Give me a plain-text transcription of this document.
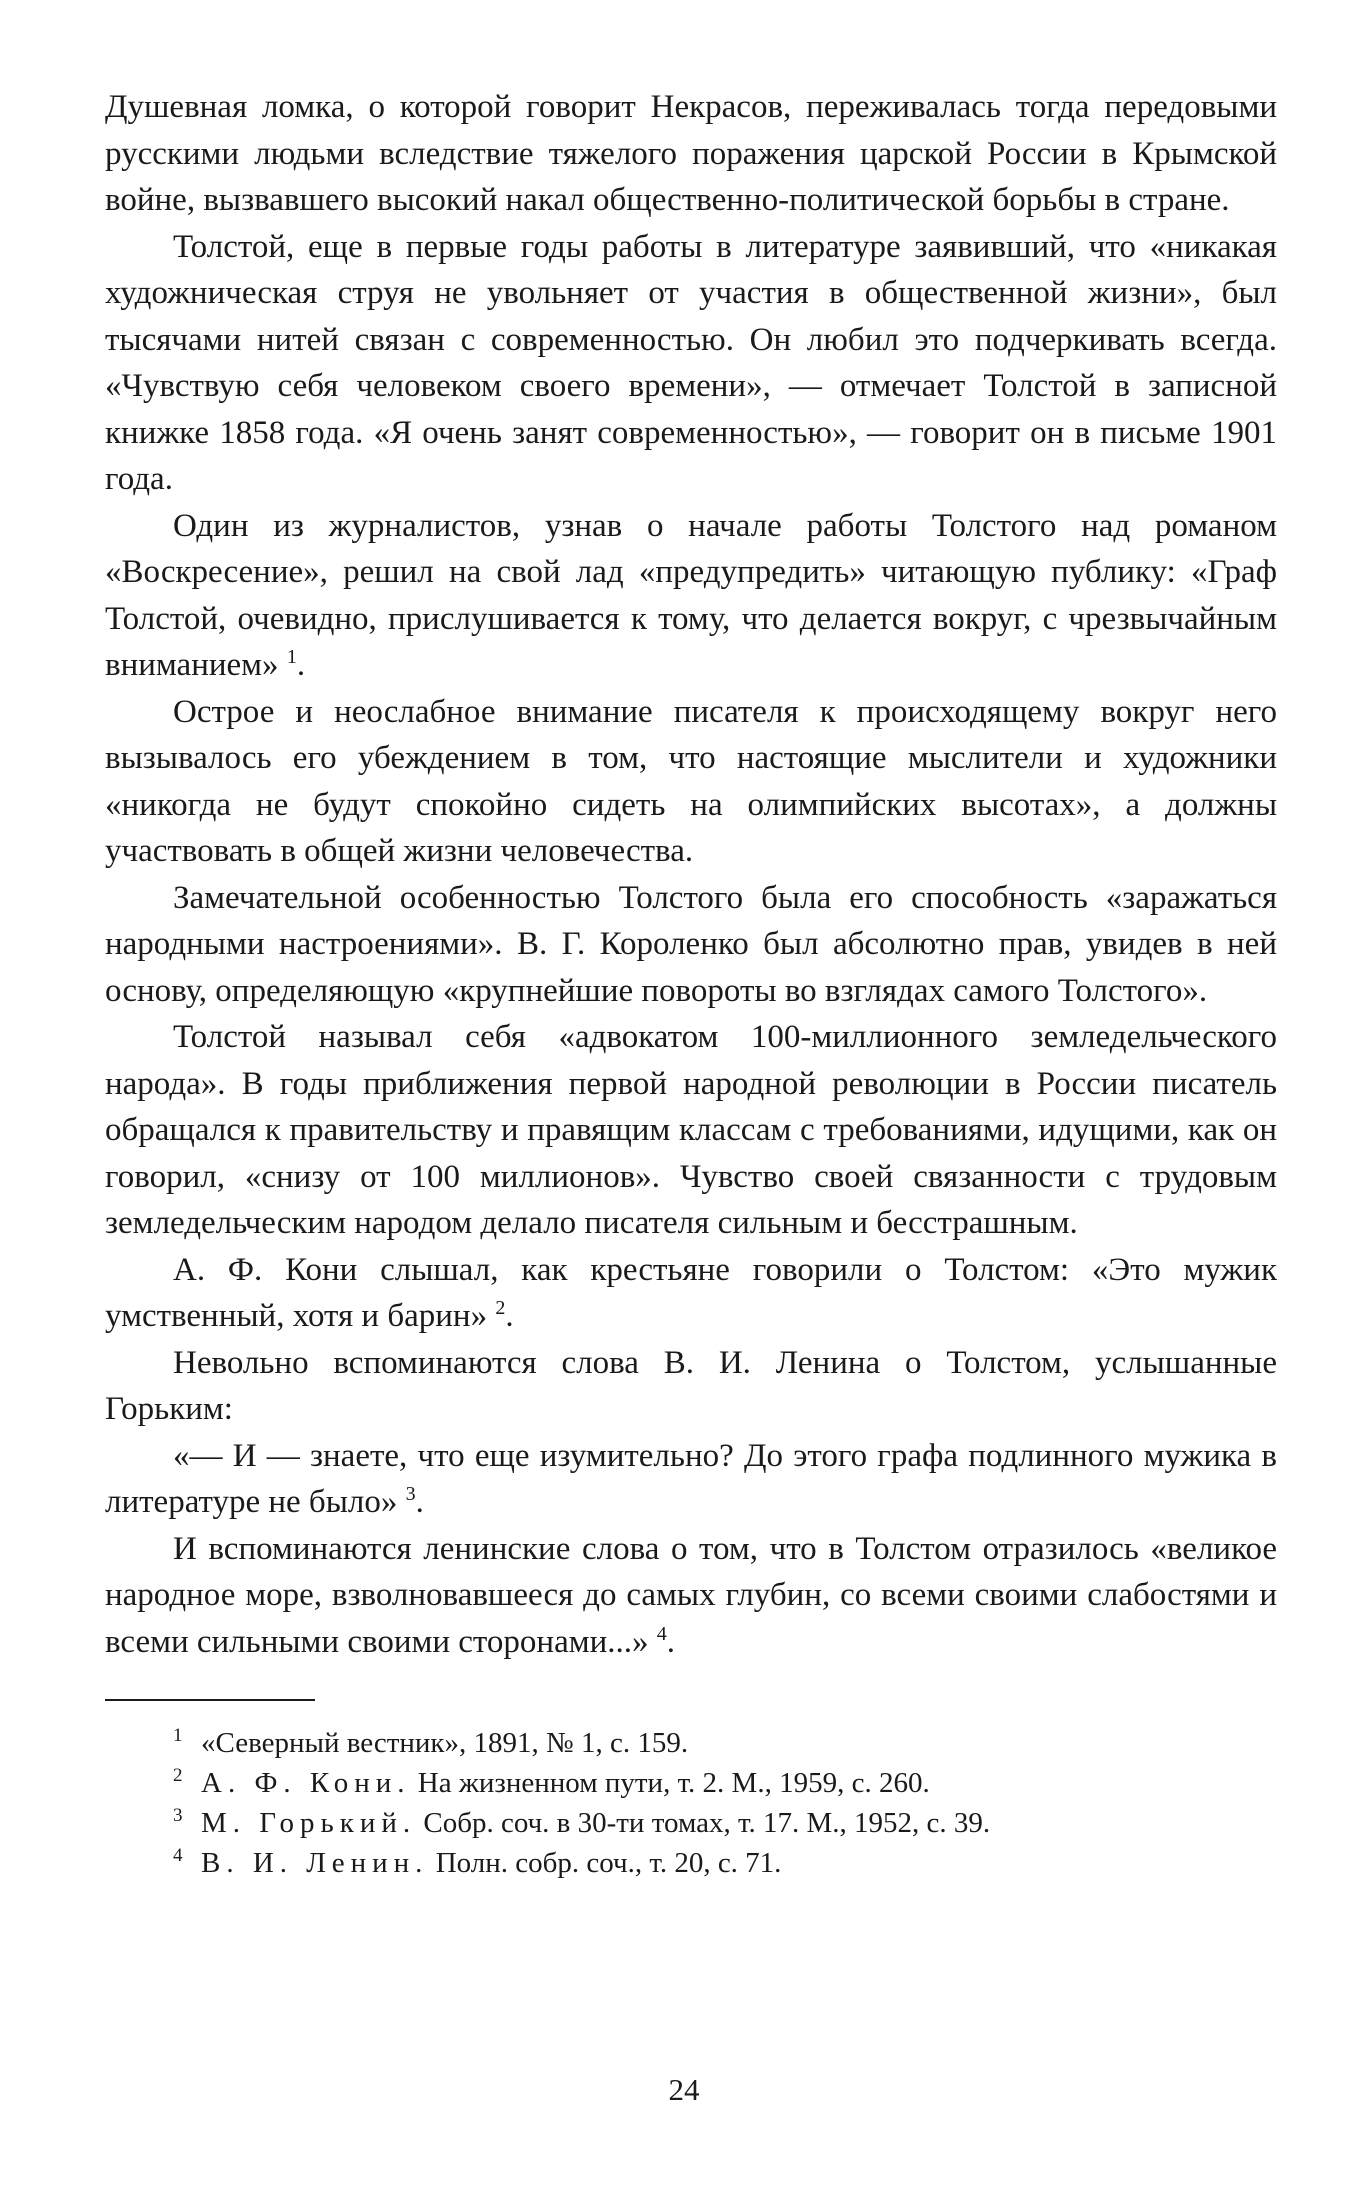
Душевная ломка, о которой говорит Некрасов, переживалась тогда передовыми русскими людьми вследствие тяжелого поражения царской России в Крымской войне, вызвавшего высокий накал общественно-политической борьбы в стране.

Толстой, еще в первые годы работы в литературе заявивший, что «никакая художническая струя не увольняет от участия в общественной жизни», был тысячами нитей связан с современностью. Он любил это подчеркивать всегда. «Чувствую себя человеком своего времени», — отмечает Толстой в записной книжке 1858 года. «Я очень занят современностью», — говорит он в письме 1901 года.

Один из журналистов, узнав о начале работы Толстого над романом «Воскресение», решил на свой лад «предупредить» читающую публику: «Граф Толстой, очевидно, прислушивается к тому, что делается вокруг, с чрезвычайным вниманием» $^1$.

Острое и неослабное внимание писателя к происходящему вокруг него вызывалось его убеждением в том, что настоящие мыслители и художники «никогда не будут спокойно сидеть на олимпийских высотах», а должны участвовать в общей жизни человечества.

Замечательной особенностью Толстого была его способность «заражаться народными настроениями». В. Г. Короленко был абсолютно прав, увидев в ней основу, определяющую «крупнейшие повороты во взглядах самого Толстого».

Толстой называл себя «адвокатом 100-миллионного земледельческого народа». В годы приближения первой народной революции в России писатель обращался к правительству и правящим классам с требованиями, идущими, как он говорил, «снизу от 100 миллионов». Чувство своей связанности с трудовым земледельческим народом делало писателя сильным и бесстрашным.

А. Ф. Кони слышал, как крестьяне говорили о Толстом: «Это мужик умственный, хотя и барин» $^2$.

Невольно вспоминаются слова В. И. Ленина о Толстом, услышанные Горьким:

«— И — знаете, что еще изумительно? До этого графа подлинного мужика в литературе не было» $^3$.

И вспоминаются ленинские слова о том, что в Толстом отразилось «великое народное море, взволновавшееся до самых глубин, со всеми своими слабостями и всеми сильными своими сторонами...» $^4$.

1 «Северный вестник», 1891, № 1, с. 159.
2 А. Ф. Кони. На жизненном пути, т. 2. М., 1959, с. 260.
3 М. Горький. Собр. соч. в 30-ти томах, т. 17. М., 1952, с. 39.
4 В. И. Ленин. Полн. собр. соч., т. 20, с. 71.
24
